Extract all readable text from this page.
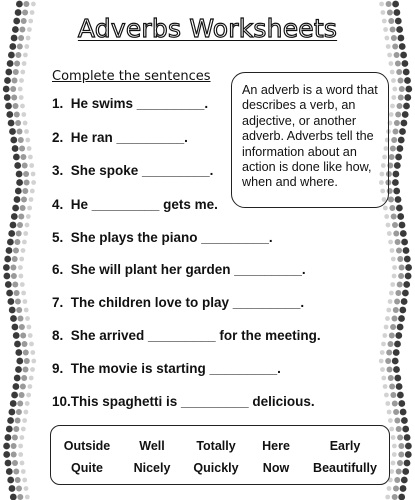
Adverbs Worksheets
Complete the sentences
1.  He swims _________.
2.  He ran _________.
3.  She spoke _________.
4.  He _________ gets me.
5.  She plays the piano _________.
6.  She will plant her garden _________.
7.  The children love to play _________.
8.  She arrived _________ for the meeting.
9.  The movie is starting _________.
10.This spaghetti is _________ delicious.
An adverb is a word that describes a verb, an adjective, or another adverb. Adverbs tell the information about an action is done like how, when and where.
Outside Well	Totally Here	Early
Quite Nicely Quickly Now Beautifully
